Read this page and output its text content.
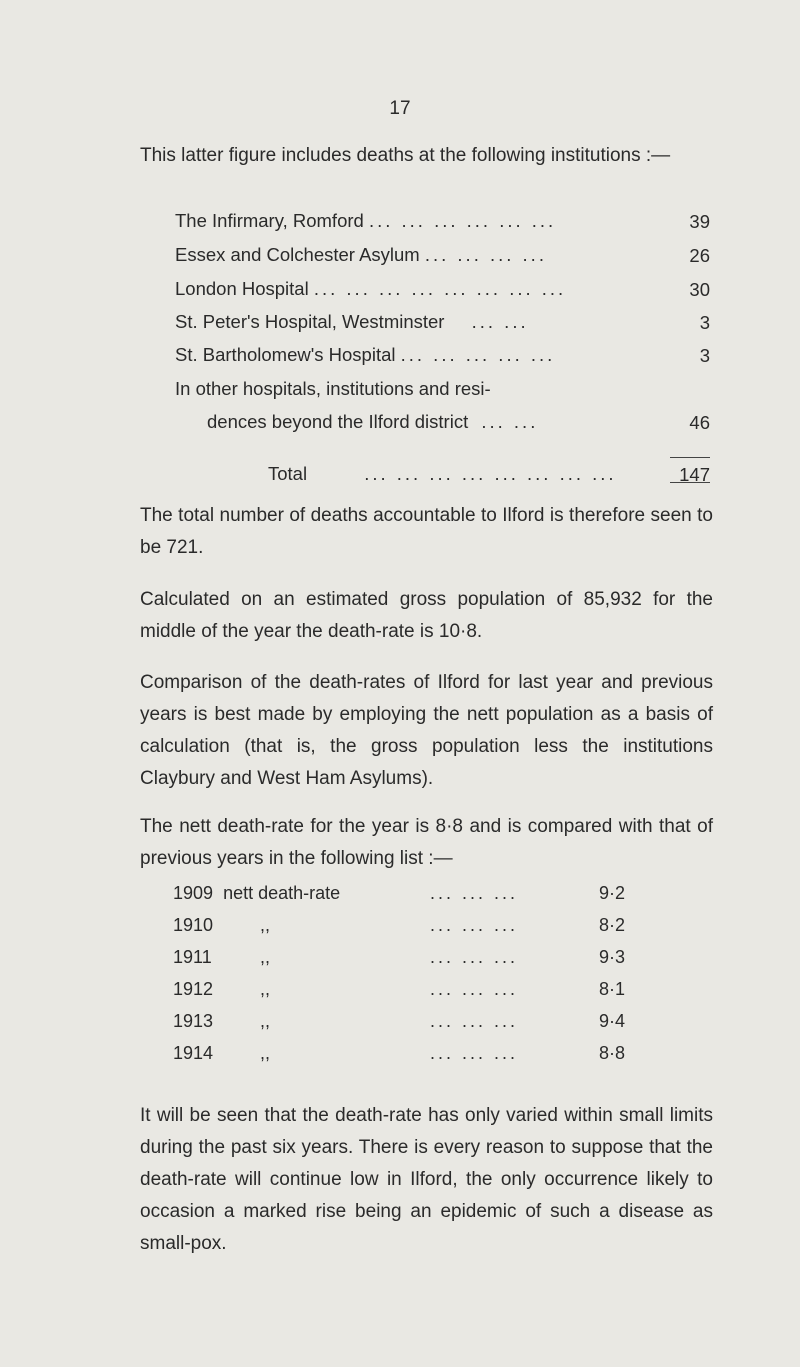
17

This latter figure includes deaths at the following institutions :—

The Infirmary, Romford ... ... ... ... ... ...	39
Essex and Colchester Asylum ... ... ... ...	26
London Hospital ... ... ... ... ... ... ... ...	30
St. Peter's Hospital, Westminster ... ...	3
St. Bartholomew's Hospital ... ... ... ... ...	3
In other hospitals, institutions and resi-
dences beyond the Ilford district ... ...	46
Total	... ... ... ... ... ... ... ...	147

The total number of deaths accountable to Ilford is therefore seen to be 721.

Calculated on an estimated gross population of 85,932 for the middle of the year the death-rate is 10·8.

Comparison of the death-rates of Ilford for last year and previous years is best made by employing the nett population as a basis of calculation (that is, the gross population less the institutions Claybury and West Ham Asylums).

The nett death-rate for the year is 8·8 and is compared with that of previous years in the following list :—

1909 nett death-rate	... ... ...	9·2
1910	,,	... ... ...	8·2
1911	,,	... ... ...	9·3
1912	,,	... ... ...	8·1
1913	,,	... ... ...	9·4
1914	,,	... ... ...	8·8

It will be seen that the death-rate has only varied within small limits during the past six years. There is every reason to suppose that the death-rate will continue low in Ilford, the only occurrence likely to occasion a marked rise being an epidemic of such a disease as small-pox.
